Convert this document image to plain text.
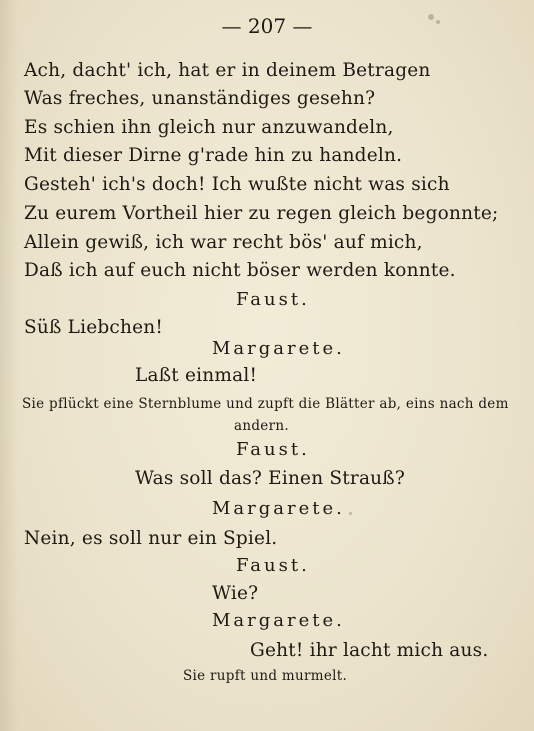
— 207 —
Ach, dacht' ich, hat er in deinem Betragen
Was freches, unanständiges gesehn?
Es schien ihn gleich nur anzuwandeln,
Mit dieser Dirne g'rade hin zu handeln.
Gesteh' ich's doch! Ich wußte nicht was sich
Zu eurem Vortheil hier zu regen gleich begonnte;
Allein gewiß, ich war recht bös' auf mich,
Daß ich auf euch nicht böser werden konnte.
Faust.
Süß Liebchen!
Margarete.
Laßt einmal!
Sie pflückt eine Sternblume und zupft die Blätter ab, eins nach dem
andern.
Faust.
Was soll das? Einen Strauß?
Margarete.
Nein, es soll nur ein Spiel.
Faust.
Wie?
Margarete.
Geht! ihr lacht mich aus.
Sie rupft und murmelt.
